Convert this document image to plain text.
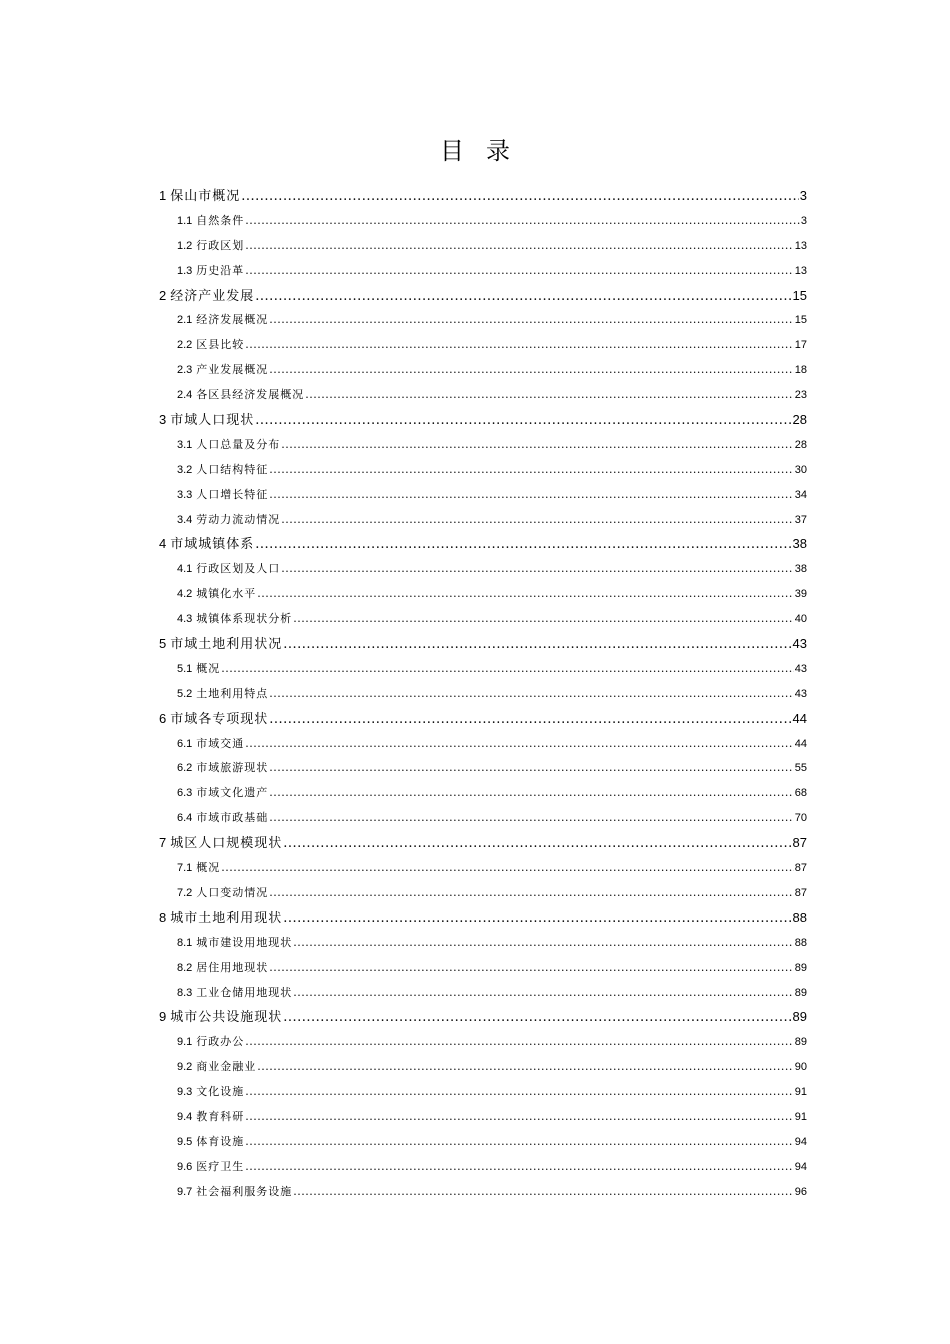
目录
1 保山市概况 .....	3
1.1 自然条件 .....	3
1.2 行政区划 .....	13
1.3 历史沿革 .....	13
2 经济产业发展 .....	15
2.1 经济发展概况 .....	15
2.2 区县比较 .....	17
2.3 产业发展概况 .....	18
2.4 各区县经济发展概况 .....	23
3 市域人口现状 .....	28
3.1 人口总量及分布 .....	28
3.2 人口结构特征 .....	30
3.3 人口增长特征 .....	34
3.4 劳动力流动情况 .....	37
4 市域城镇体系 .....	38
4.1 行政区划及人口 .....	38
4.2 城镇化水平 .....	39
4.3 城镇体系现状分析 .....	40
5 市域土地利用状况 .....	43
5.1 概况 .....	43
5.2 土地利用特点 .....	43
6 市域各专项现状 .....	44
6.1 市域交通 .....	44
6.2 市域旅游现状 .....	55
6.3 市域文化遗产 .....	68
6.4 市域市政基础 .....	70
7 城区人口规模现状 .....	87
7.1 概况 .....	87
7.2 人口变动情况 .....	87
8 城市土地利用现状 .....	88
8.1 城市建设用地现状 .....	88
8.2 居住用地现状 .....	89
8.3 工业仓储用地现状 .....	89
9 城市公共设施现状 .....	89
9.1 行政办公 .....	89
9.2 商业金融业 .....	90
9.3 文化设施 .....	91
9.4 教育科研 .....	91
9.5 体育设施 .....	94
9.6 医疗卫生 .....	94
9.7 社会福利服务设施 .....	96
